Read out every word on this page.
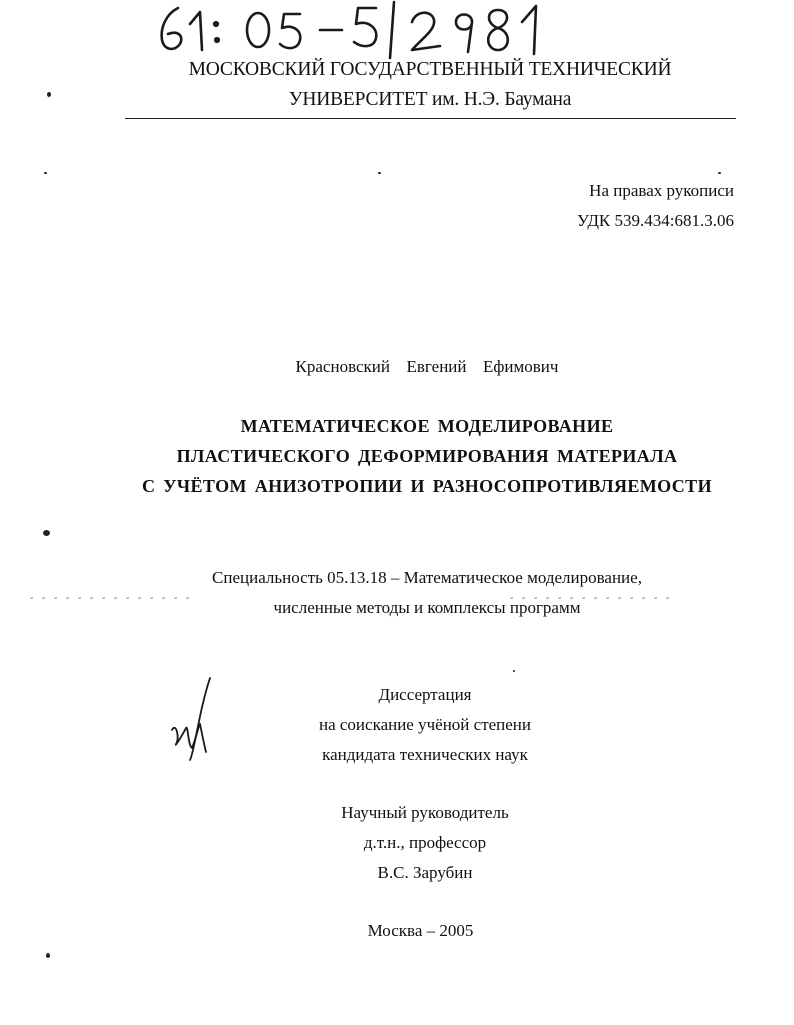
МОСКОВСКИЙ ГОСУДАРСТВЕННЫЙ ТЕХНИЧЕСКИЙ
УНИВЕРСИТЕТ им. Н.Э. Баумана
На правах рукописи
УДК 539.434:681.3.06
Красновский  Евгений  Ефимович
МАТЕМАТИЧЕСКОЕ МОДЕЛИРОВАНИЕ
ПЛАСТИЧЕСКОГО ДЕФОРМИРОВАНИЯ МАТЕРИАЛА
С УЧЁТОМ АНИЗОТРОПИИ И РАЗНОСОПРОТИВЛЯЕМОСТИ
Специальность 05.13.18 – Математическое моделирование,
численные методы и комплексы программ
Диссертация
на соискание учёной степени
кандидата технических наук
Научный руководитель
д.т.н., профессор
В.С. Зарубин
Москва – 2005
